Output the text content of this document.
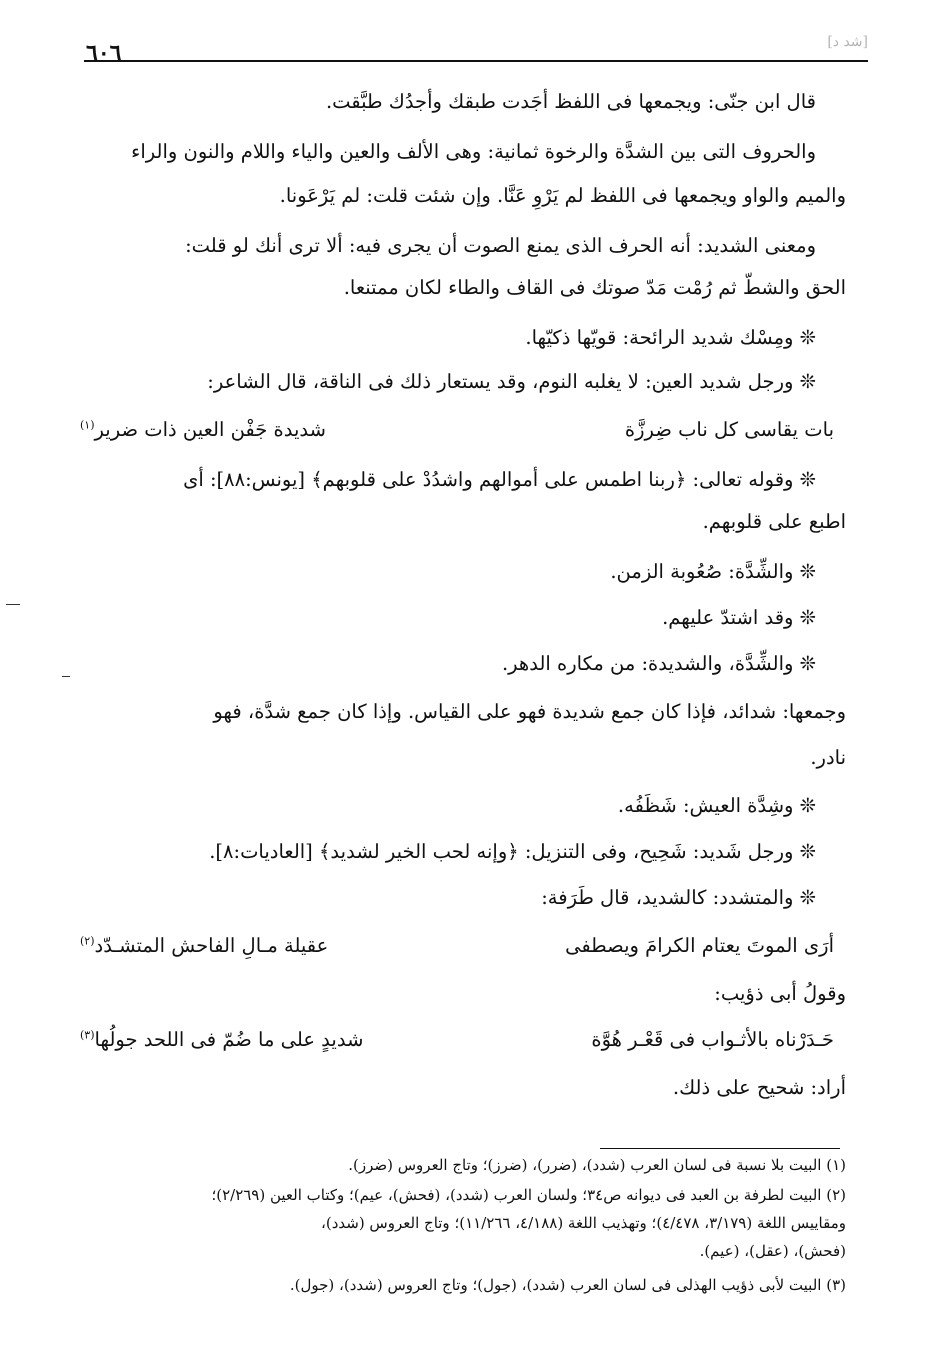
[شد د]
٦٠٦
قال ابن جنّى: ويجمعها فى اللفظ أجَدت طبقك وأجدُك طبَّقت.
والحروف التى بين الشدَّة والرخوة ثمانية: وهى الألف والعين والياء واللام والنون والراء
والميم والواو ويجمعها فى اللفظ لم يَرْوِ عَنَّا. وإن شئت قلت: لم يَرْعَونا.
ومعنى الشديد: أنه الحرف الذى يمنع الصوت أن يجرى فيه: ألا ترى أنك لو قلت:
الحق والشطّ ثم رُمْت مَدّ صوتك فى القاف والطاء لكان ممتنعا.
❊ ومِسْك شديد الرائحة: قويّها ذكيّها.
❊ ورجل شديد العين: لا يغلبه النوم، وقد يستعار ذلك فى الناقة، قال الشاعر:
بات يقاسى كل ناب ضِرزَّة
شديدة جَفْن العين ذات ضرير$^{(١)}$
❊ وقوله تعالى: ﴿ربنا اطمس على أموالهم واشدُدْ على قلوبهم﴾ [يونس:٨٨]: أى
اطبع على قلوبهم.
❊ والشِّدَّة: صُعُوبة الزمن.
❊ وقد اشتدّ عليهم.
❊ والشِّدَّة، والشديدة: من مكاره الدهر.
وجمعها: شدائد، فإذا كان جمع شديدة فهو على القياس. وإذا كان جمع شدَّة، فهو
نادر.
❊ وشِدَّة العيش: شَظَفُه.
❊ ورجل شَديد: شَحِيح، وفى التنزيل: ﴿وإنه لحب الخير لشديد﴾ [العاديات:٨].
❊ والمتشدد: كالشديد، قال طَرَفة:
أرَى الموتَ يعتام الكرامَ ويصطفى
عقيلة مـالِ الفاحش المتشـدّد$^{(٢)}$
وقولُ أبى ذؤيب:
حَـدَرْناه بالأثـواب فى قَعْـر هُوَّة
شديدٍ على ما ضُمّ فى اللحد جولُها$^{(٣)}$
أراد: شحيح على ذلك.
(١) البيت بلا نسبة فى لسان العرب (شدد)، (ضرر)، (ضرز)؛ وتاج العروس (ضرز).
(٢) البيت لطرفة بن العبد فى ديوانه ص٣٤؛ ولسان العرب (شدد)، (فحش)، عيم)؛ وكتاب العين (٢/٢٦٩)؛
ومقاييس اللغة (٣/١٧٩، ٤/٤٧٨)؛ وتهذيب اللغة (٤/١٨٨، ١١/٢٦٦)؛ وتاج العروس (شدد)،
(فحش)، (عقل)، (عيم).
(٣) البيت لأبى ذؤيب الهذلى فى لسان العرب (شدد)، (جول)؛ وتاج العروس (شدد)، (جول).
